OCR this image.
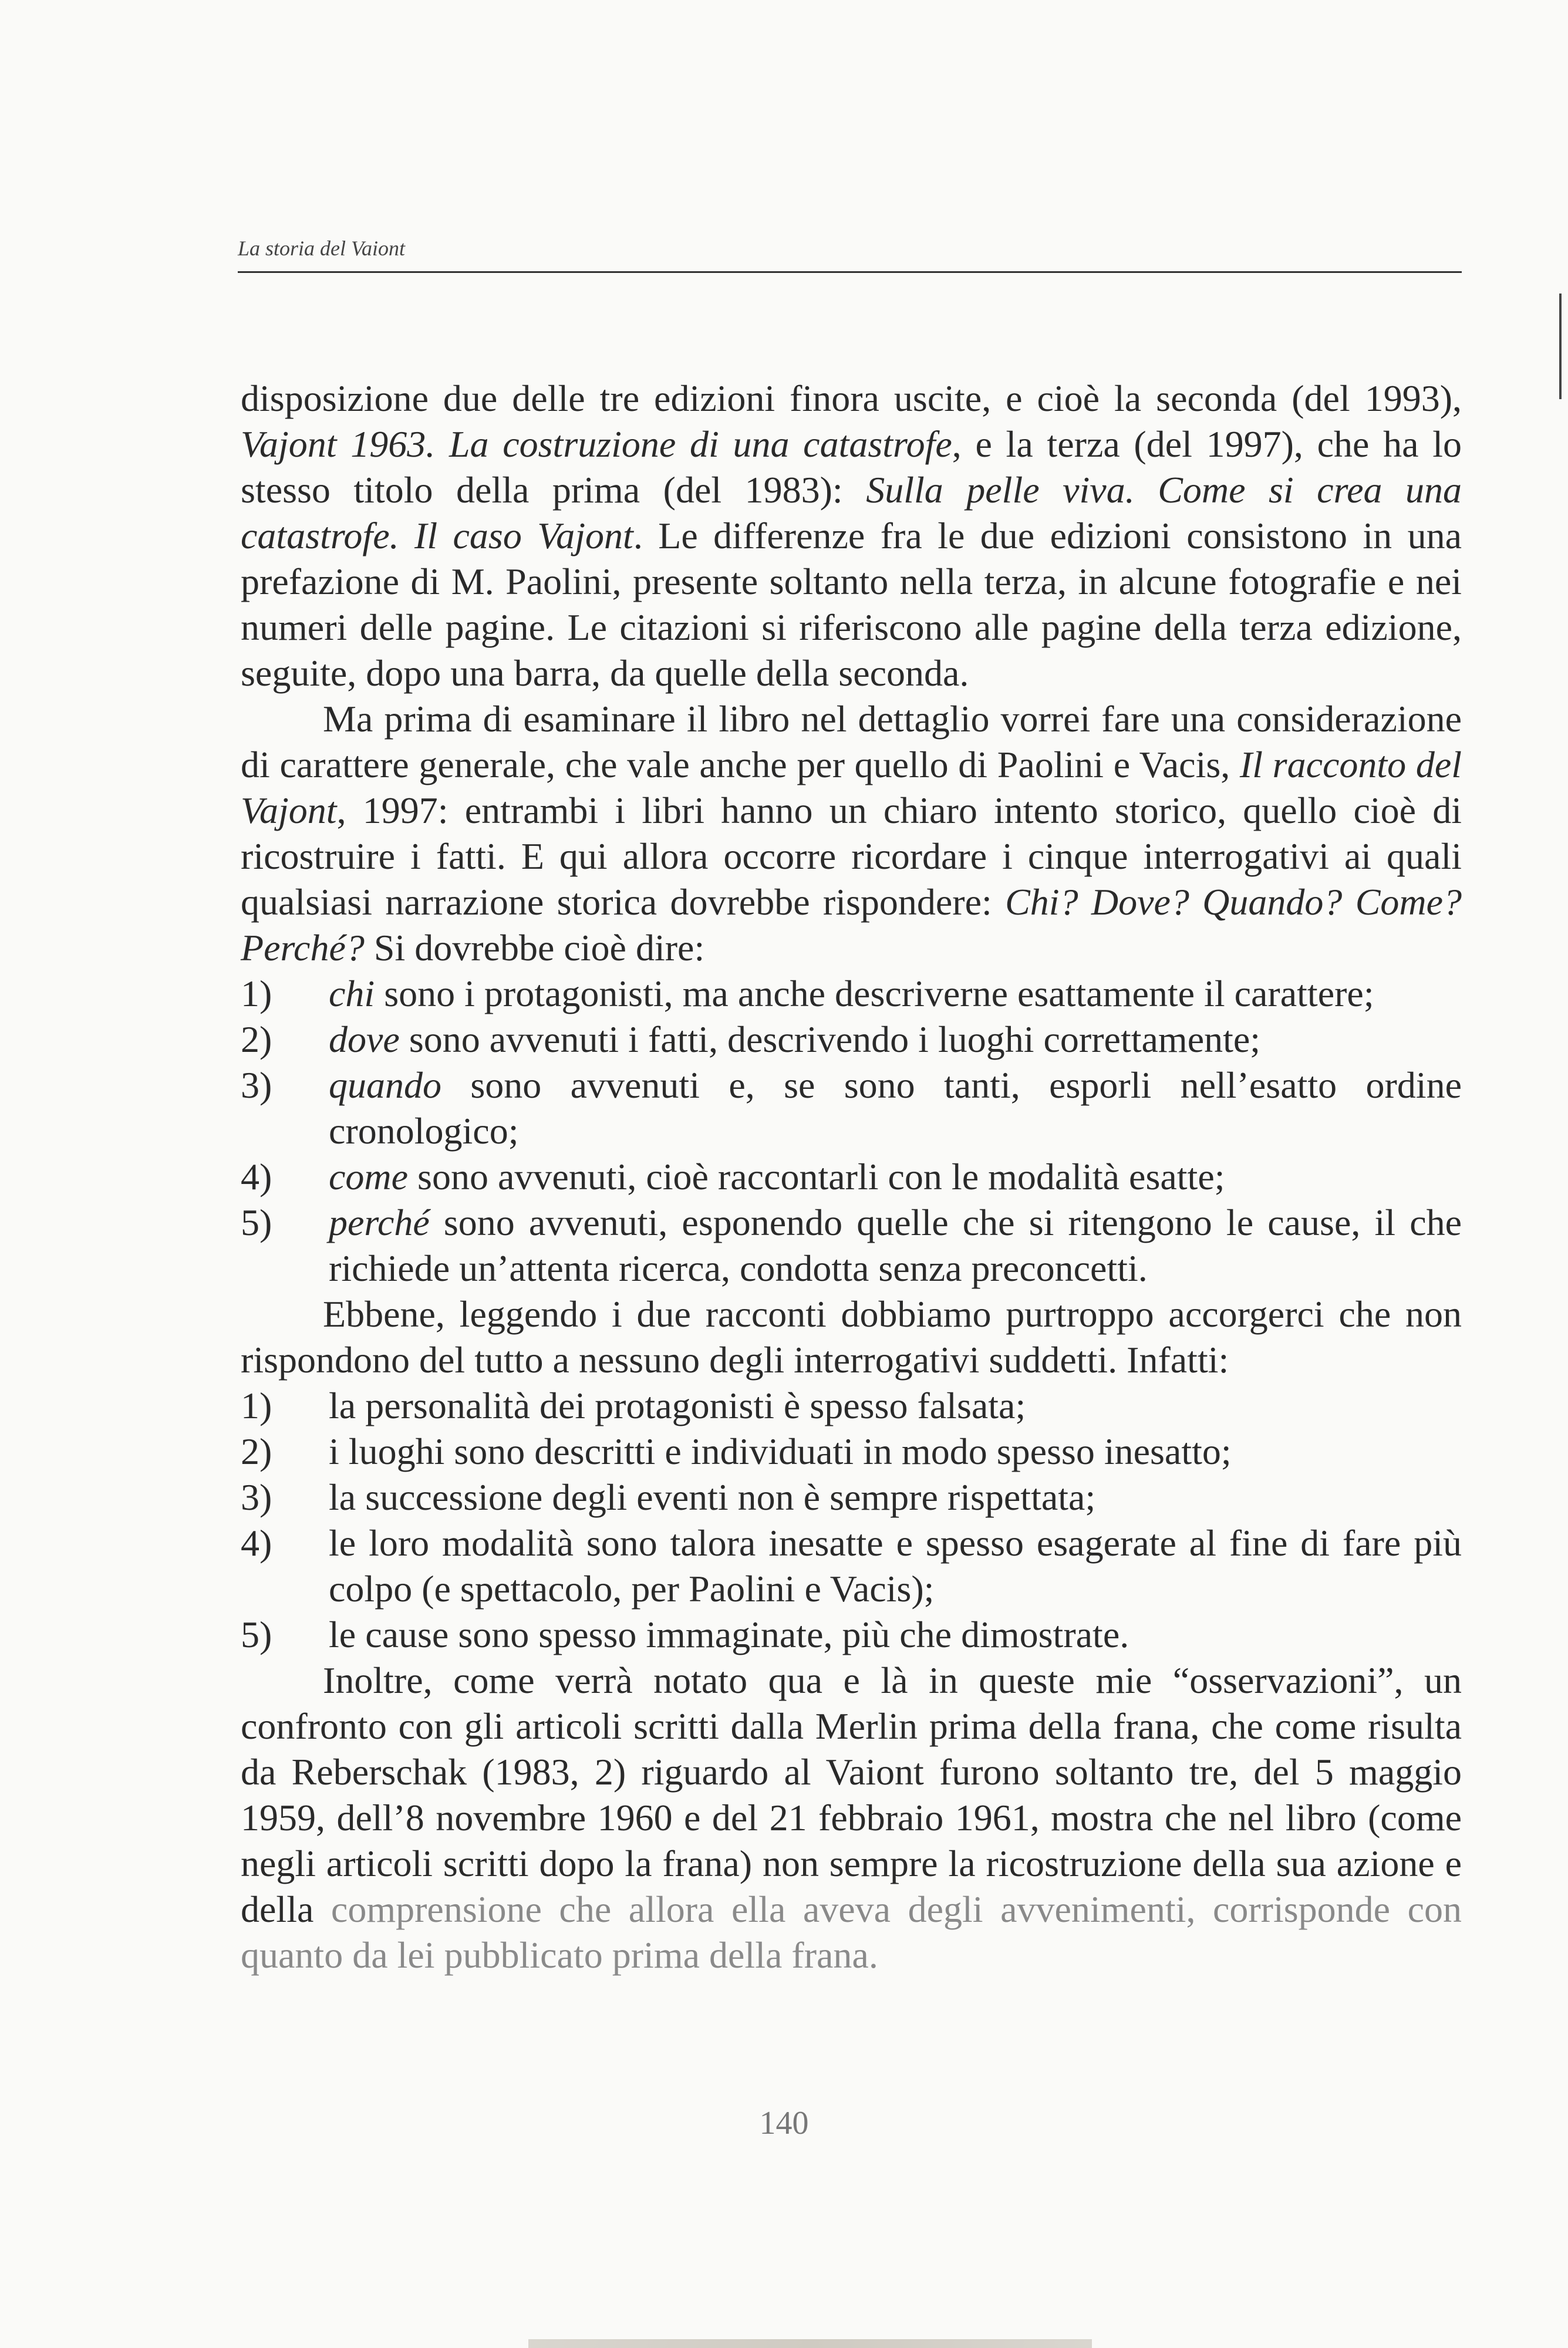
La storia del Vaiont

disposizione due delle tre edizioni finora uscite, e cioè la seconda (del 1993), Vajont 1963. La costruzione di una catastrofe, e la terza (del 1997), che ha lo stesso titolo della prima (del 1983): Sulla pelle viva. Come si crea una catastrofe. Il caso Vajont. Le differenze fra le due edizioni consistono in una prefazione di M. Paolini, presente soltanto nella terza, in alcune fotografie e nei numeri delle pagine. Le citazioni si riferiscono alle pagine della terza edizione, seguite, dopo una barra, da quelle della seconda.

Ma prima di esaminare il libro nel dettaglio vorrei fare una considerazione di carattere generale, che vale anche per quello di Paolini e Vacis, Il racconto del Vajont, 1997: entrambi i libri hanno un chiaro intento storico, quello cioè di ricostruire i fatti. E qui allora occorre ricordare i cinque interrogativi ai quali qualsiasi narrazione storica dovrebbe rispondere: Chi? Dove? Quando? Come? Perché? Si dovrebbe cioè dire:

1)	chi sono i protagonisti, ma anche descriverne esattamente il carattere;
2)	dove sono avvenuti i fatti, descrivendo i luoghi correttamente;
3)	quando sono avvenuti e, se sono tanti, esporli nell’esatto ordine cronologico;
4)	come sono avvenuti, cioè raccontarli con le modalità esatte;
5)	perché sono avvenuti, esponendo quelle che si ritengono le cause, il che richiede un’attenta ricerca, condotta senza preconcetti.

Ebbene, leggendo i due racconti dobbiamo purtroppo accorgerci che non rispondono del tutto a nessuno degli interrogativi suddetti. Infatti:

1)	la personalità dei protagonisti è spesso falsata;
2)	i luoghi sono descritti e individuati in modo spesso inesatto;
3)	la successione degli eventi non è sempre rispettata;
4)	le loro modalità sono talora inesatte e spesso esagerate al fine di fare più colpo (e spettacolo, per Paolini e Vacis);
5)	le cause sono spesso immaginate, più che dimostrate.

Inoltre, come verrà notato qua e là in queste mie “osservazioni”, un confronto con gli articoli scritti dalla Merlin prima della frana, che come risulta da Reberschak (1983, 2) riguardo al Vaiont furono soltanto tre, del 5 maggio 1959, dell’8 novembre 1960 e del 21 febbraio 1961, mostra che nel libro (come negli articoli scritti dopo la frana) non sempre la ricostruzione della sua azione e della comprensione che allora ella aveva degli avvenimenti, corrisponde con quanto da lei pubblicato prima della frana.

140
